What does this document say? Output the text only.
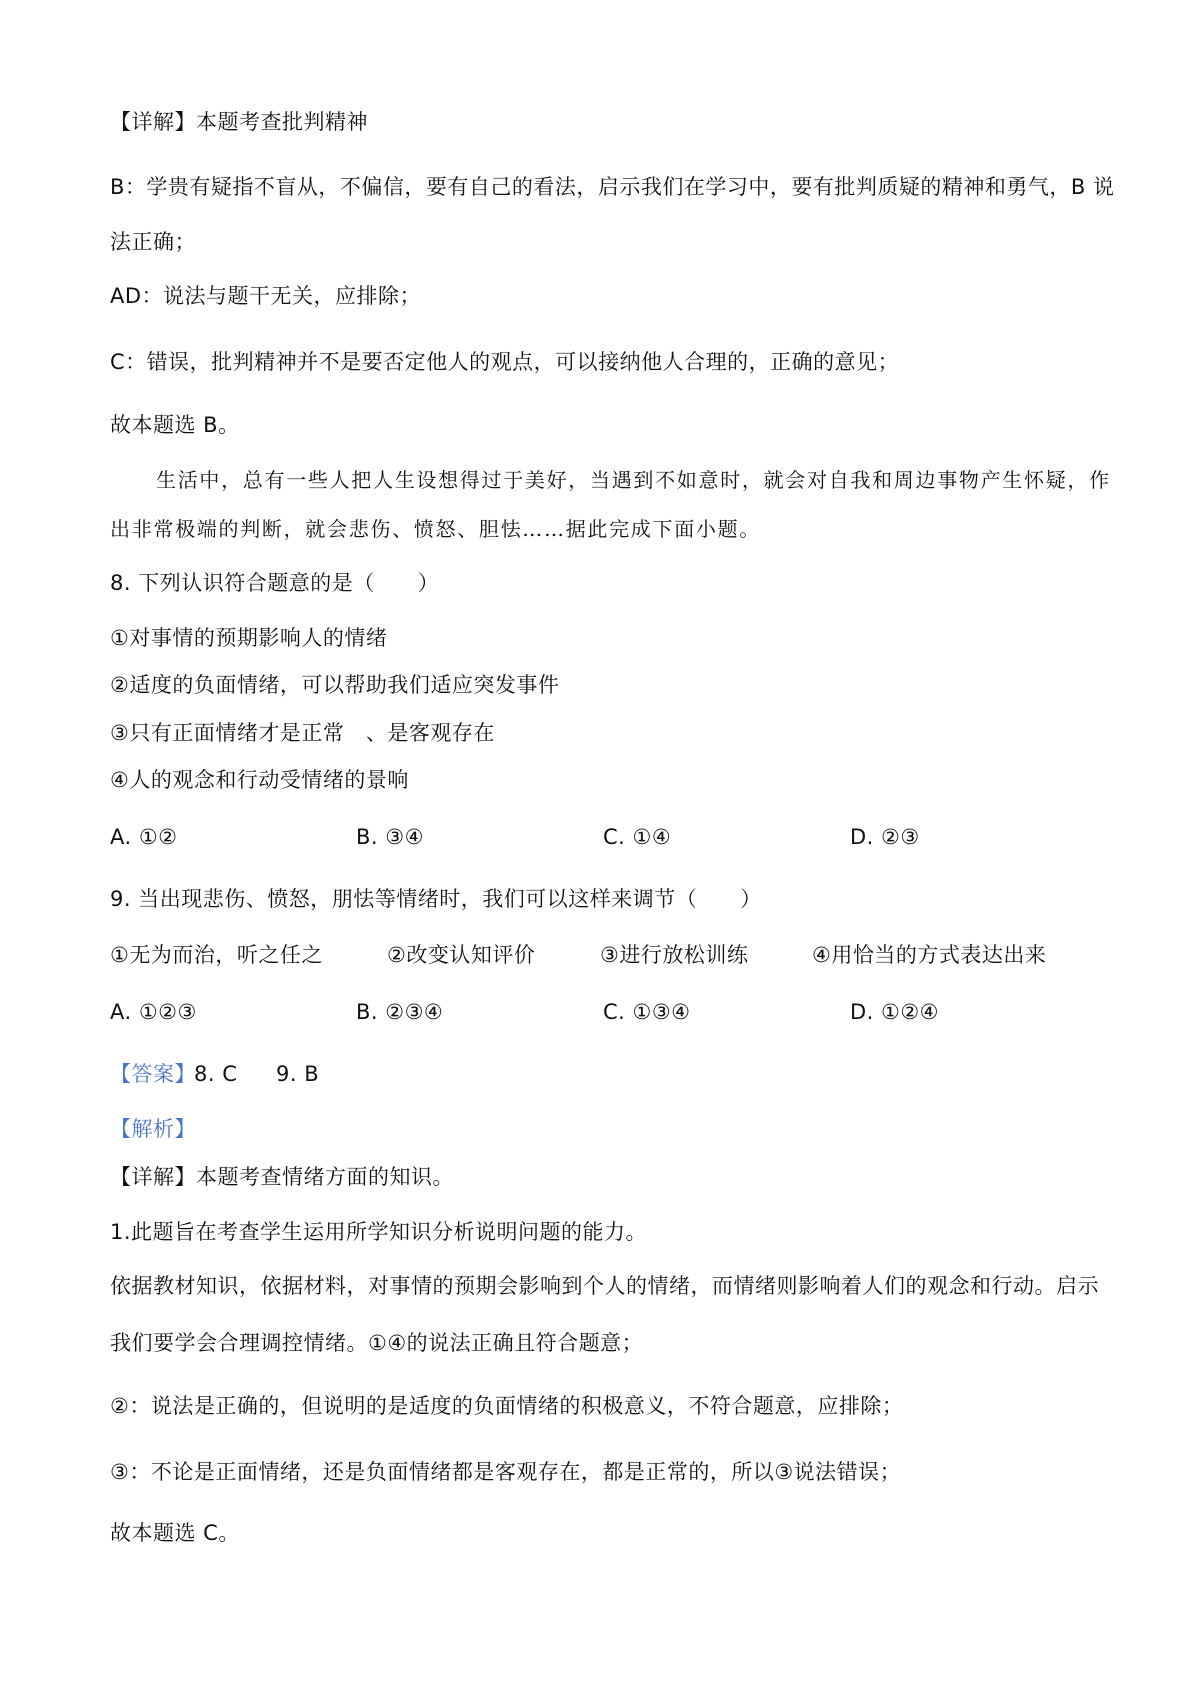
【详解】本题考查批判精神
B：学贵有疑指不盲从，不偏信，要有自己的看法，启示我们在学习中，要有批判质疑的精神和勇气，B 说
法正确；
AD：说法与题干无关，应排除；
C：错误，批判精神并不是要否定他人的观点，可以接纳他人合理的，正确的意见；
故本题选 B。
生活中，总有一些人把人生设想得过于美好，当遇到不如意时，就会对自我和周边事物产生怀疑，作
出非常极端的判断，就会悲伤、愤怒、胆怯……据此完成下面小题。
8. 下列认识符合题意的是（　　）
①对事情的预期影响人的情绪
②适度的负面情绪，可以帮助我们适应突发事件
③只有正面情绪才是正常　、是客观存在
④人的观念和行动受情绪的景响
A. ①②	B. ③④	C. ①④	D. ②③
9. 当出现悲伤、愤怒，朋怯等情绪时，我们可以这样来调节（　　）
①无为而治，听之任之	②改变认知评价	③进行放松训练	④用恰当的方式表达出来
A. ①②③	B. ②③④	C. ①③④	D. ①②④
【答案】
8. C 9. B
【解析】
【详解】本题考查情绪方面的知识。
1.此题旨在考查学生运用所学知识分析说明问题的能力。
依据教材知识，依据材料，对事情的预期会影响到个人的情绪，而情绪则影响着人们的观念和行动。启示
我们要学会合理调控情绪。①④的说法正确且符合题意；
②：说法是正确的，但说明的是适度的负面情绪的积极意义，不符合题意，应排除；
③：不论是正面情绪，还是负面情绪都是客观存在，都是正常的，所以③说法错误；
故本题选 C。
